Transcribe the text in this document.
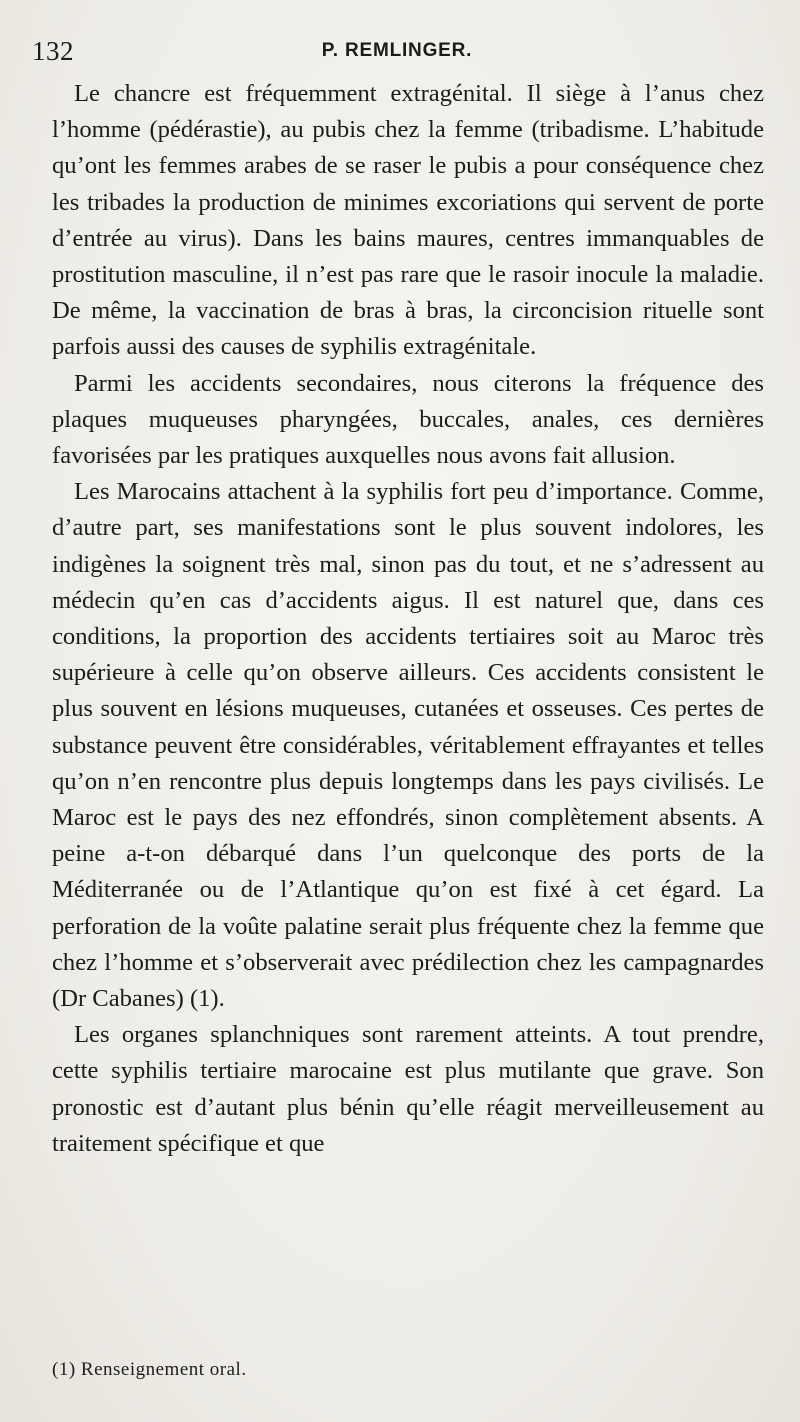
132	P. REMLINGER.

Le chancre est fréquemment extragénital. Il siège à l’anus chez l’homme (pédérastie), au pubis chez la femme (tribadisme. L’habitude qu’ont les femmes arabes de se raser le pubis a pour conséquence chez les tribades la production de minimes excoriations qui servent de porte d’entrée au virus). Dans les bains maures, centres immanquables de prostitution masculine, il n’est pas rare que le rasoir inocule la maladie. De même, la vaccination de bras à bras, la circoncision rituelle sont parfois aussi des causes de syphilis extragénitale.

Parmi les accidents secondaires, nous citerons la fréquence des plaques muqueuses pharyngées, buccales, anales, ces dernières favorisées par les pratiques auxquelles nous avons fait allusion.

Les Marocains attachent à la syphilis fort peu d’importance. Comme, d’autre part, ses manifestations sont le plus souvent indolores, les indigènes la soignent très mal, sinon pas du tout, et ne s’adressent au médecin qu’en cas d’accidents aigus. Il est naturel que, dans ces conditions, la proportion des accidents tertiaires soit au Maroc très supérieure à celle qu’on observe ailleurs. Ces accidents consistent le plus souvent en lésions muqueuses, cutanées et osseuses. Ces pertes de substance peuvent être considérables, véritablement effrayantes et telles qu’on n’en rencontre plus depuis longtemps dans les pays civilisés. Le Maroc est le pays des nez effondrés, sinon complètement absents. A peine a-t-on débarqué dans l’un quelconque des ports de la Méditerranée ou de l’Atlantique qu’on est fixé à cet égard. La perforation de la voûte palatine serait plus fréquente chez la femme que chez l’homme et s’observerait avec prédilection chez les campagnardes (Dr Cabanes) (1).

Les organes splanchniques sont rarement atteints. A tout prendre, cette syphilis tertiaire marocaine est plus mutilante que grave. Son pronostic est d’autant plus bénin qu’elle réagit merveilleusement au traitement spécifique et que

(1) Renseignement oral.
